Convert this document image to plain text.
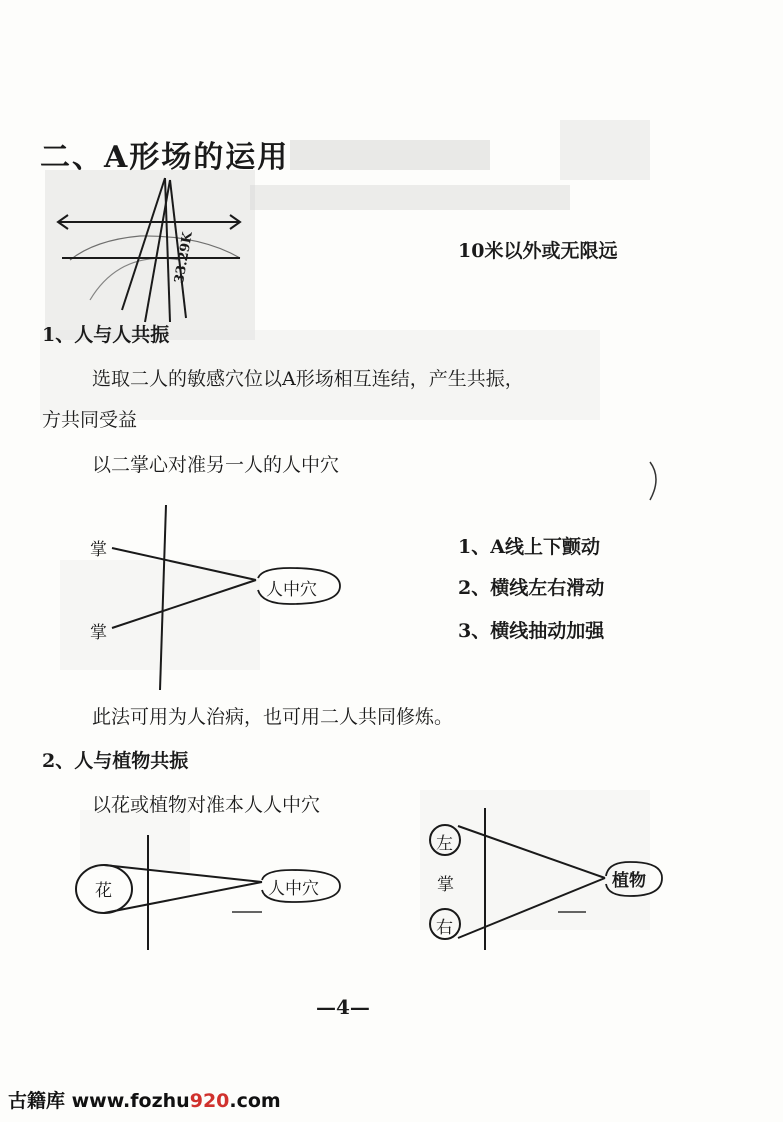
二、A形场的运用
10米以外或无限远
33.29K
1、人与人共振
选取二人的敏感穴位以A形场相互连结，产生共振，
方共同受益
以二掌心对准另一人的人中穴
掌
掌
人中穴
1、A线上下颤动
2、横线左右滑动
3、横线抽动加强
此法可用为人治病，也可用二人共同修炼。
2、人与植物共振
以花或植物对准本人人中穴
花	人中穴
左
掌
右
植物
—4—
古籍库 www.fozhu920.com
